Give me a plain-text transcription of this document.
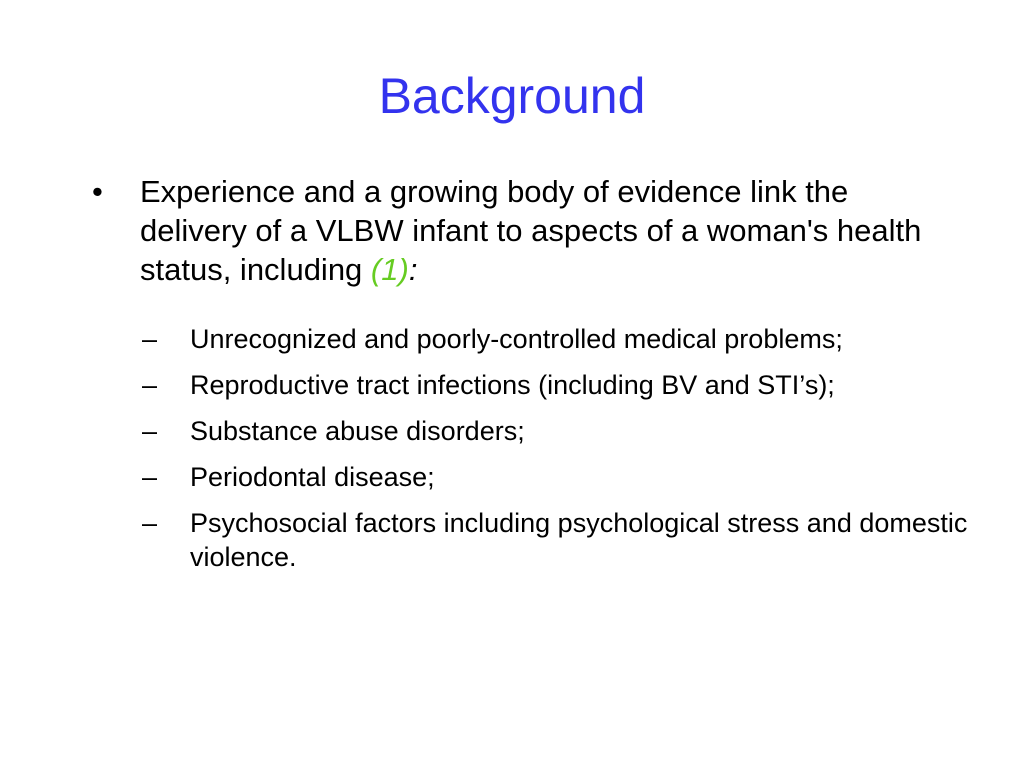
Background
• Experience and a growing body of evidence link the delivery of a VLBW infant to aspects of a woman's health status, including (1):
– Unrecognized and poorly-controlled medical problems;
– Reproductive tract infections (including BV and STI’s);
– Substance abuse disorders;
– Periodontal disease;
– Psychosocial factors including psychological stress and domestic violence.
